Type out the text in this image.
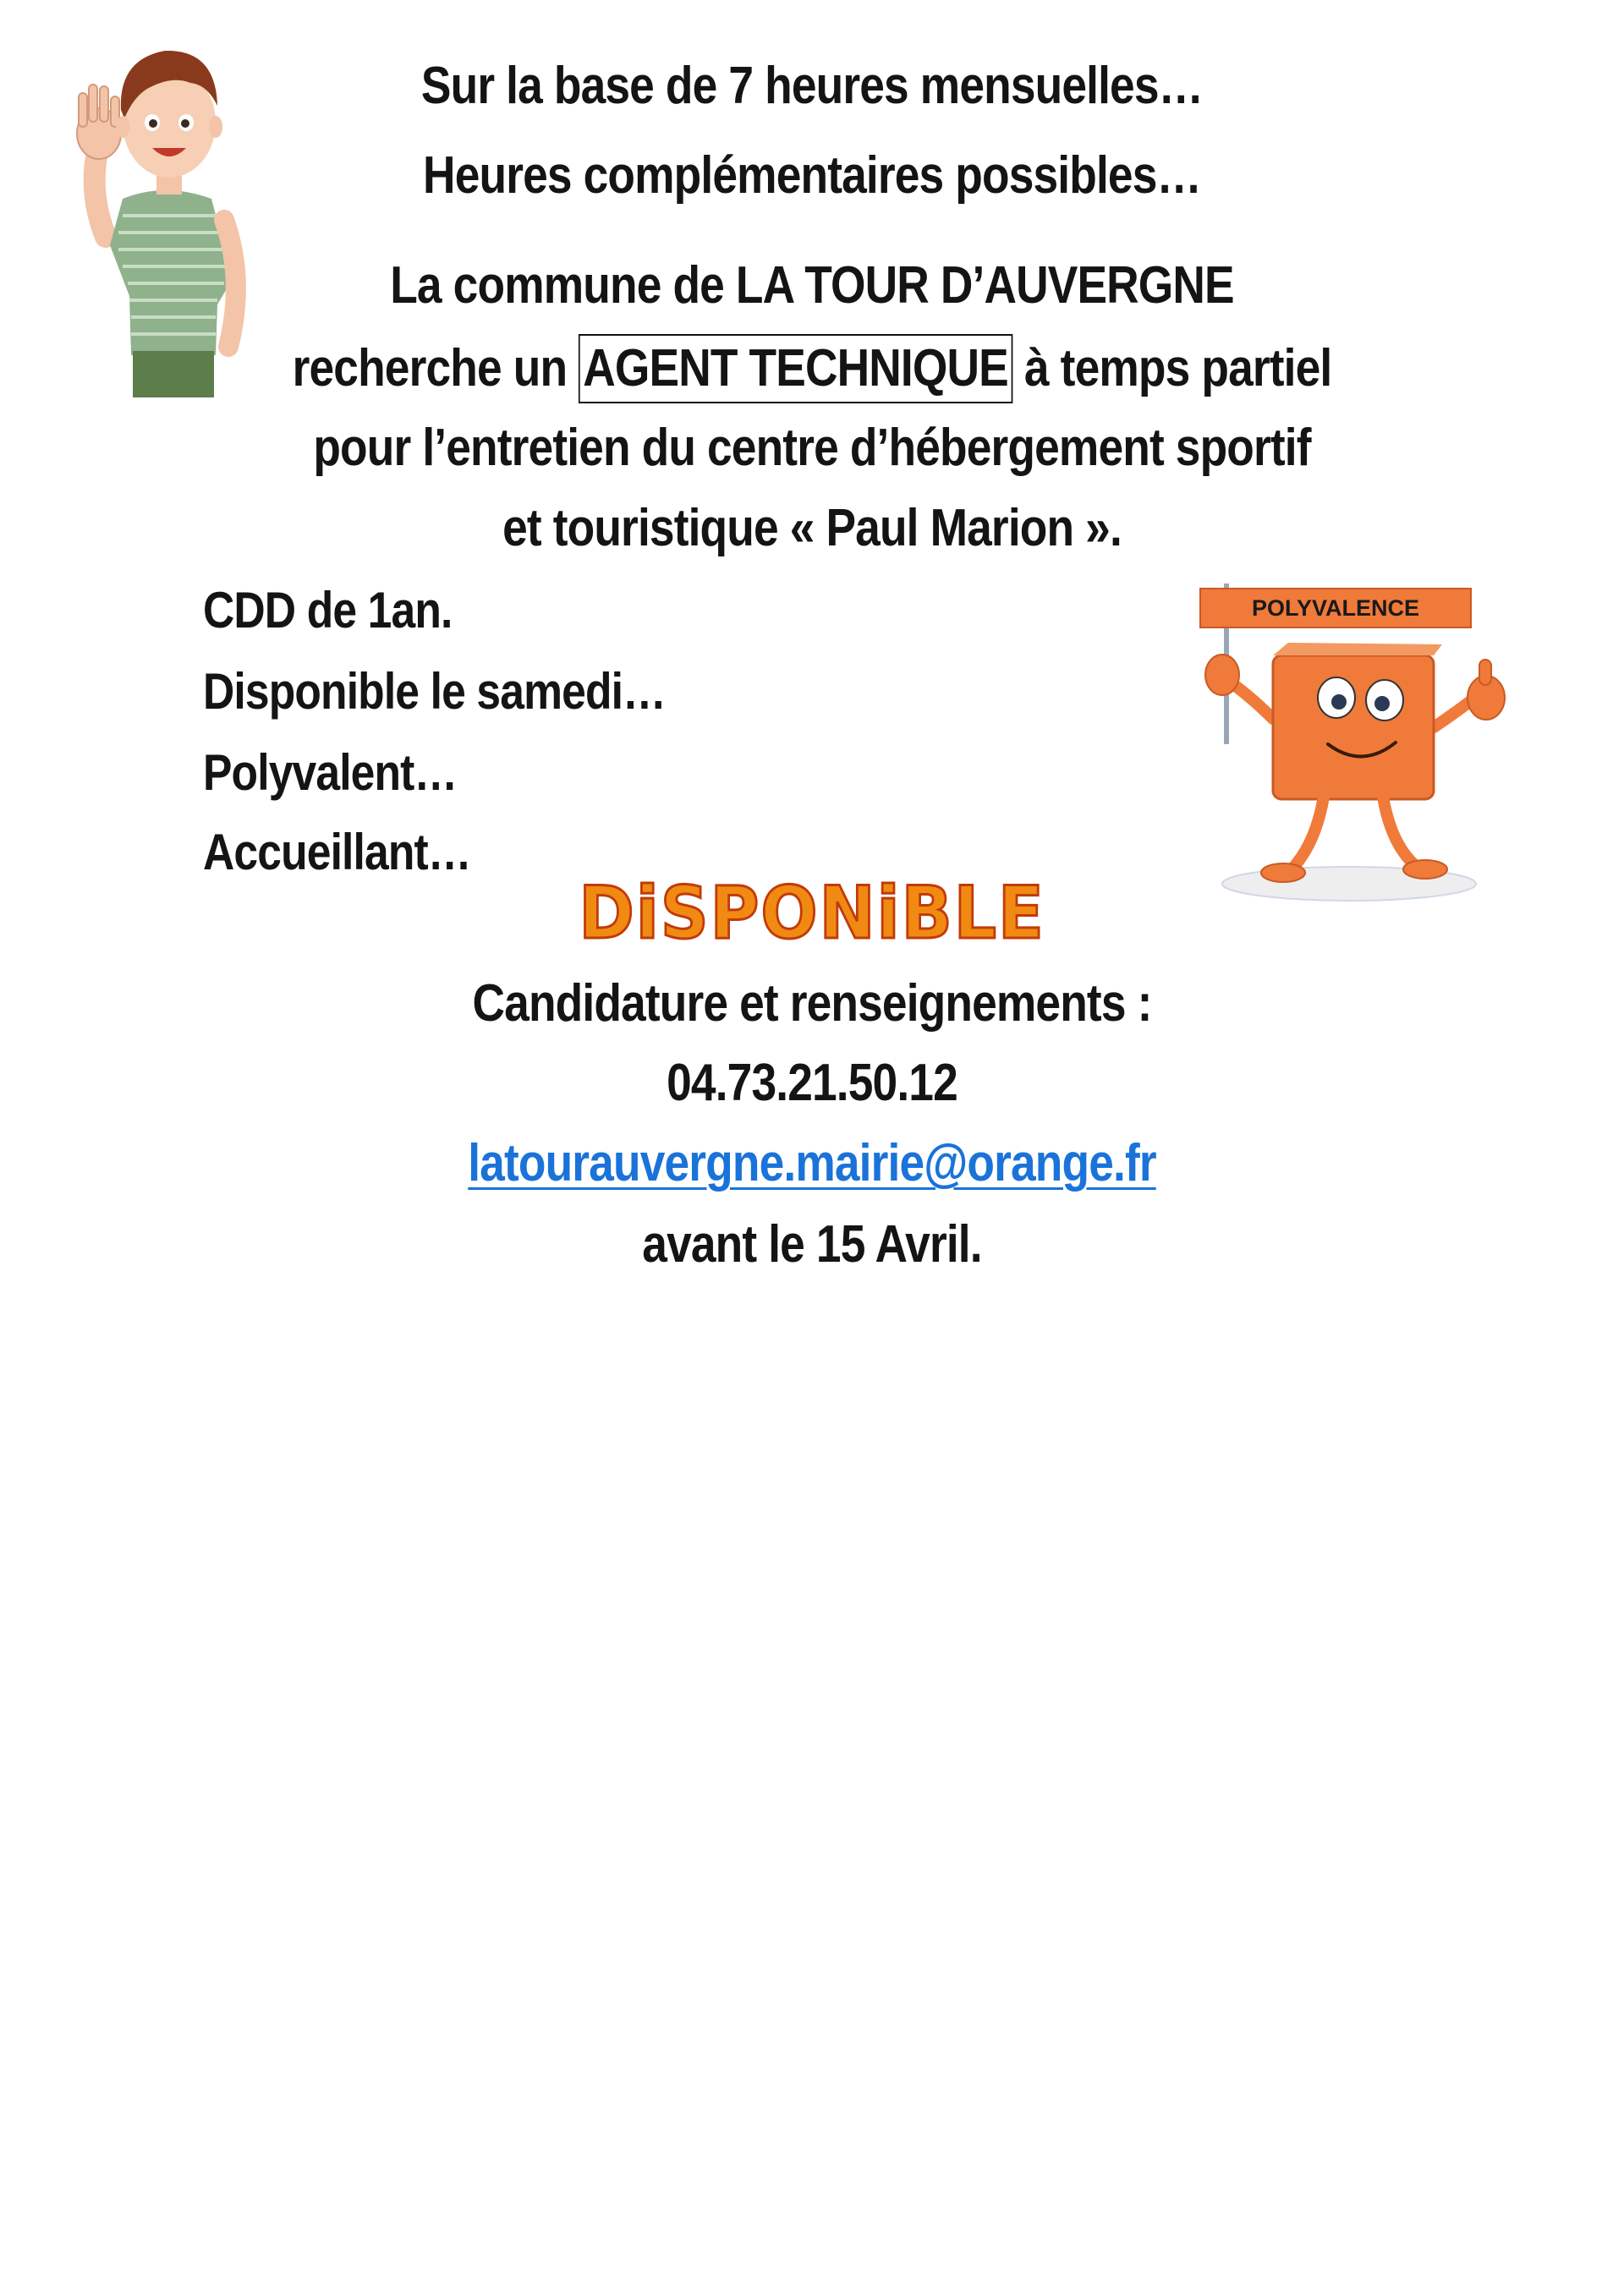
Sur la base de 7 heures mensuelles…
Heures complémentaires possibles…
La commune de LA TOUR D’AUVERGNE
recherche un AGENT TECHNIQUE à temps partiel
pour l’entretien du centre d’hébergement sportif
et touristique « Paul Marion ».
CDD de 1an.
Disponible le samedi…
Polyvalent…
Accueillant…
POLYVALENCE
DiSPONiBLE
Candidature et renseignements :
04.73.21.50.12
latourauvergne.mairie@orange.fr
avant le 15 Avril.
